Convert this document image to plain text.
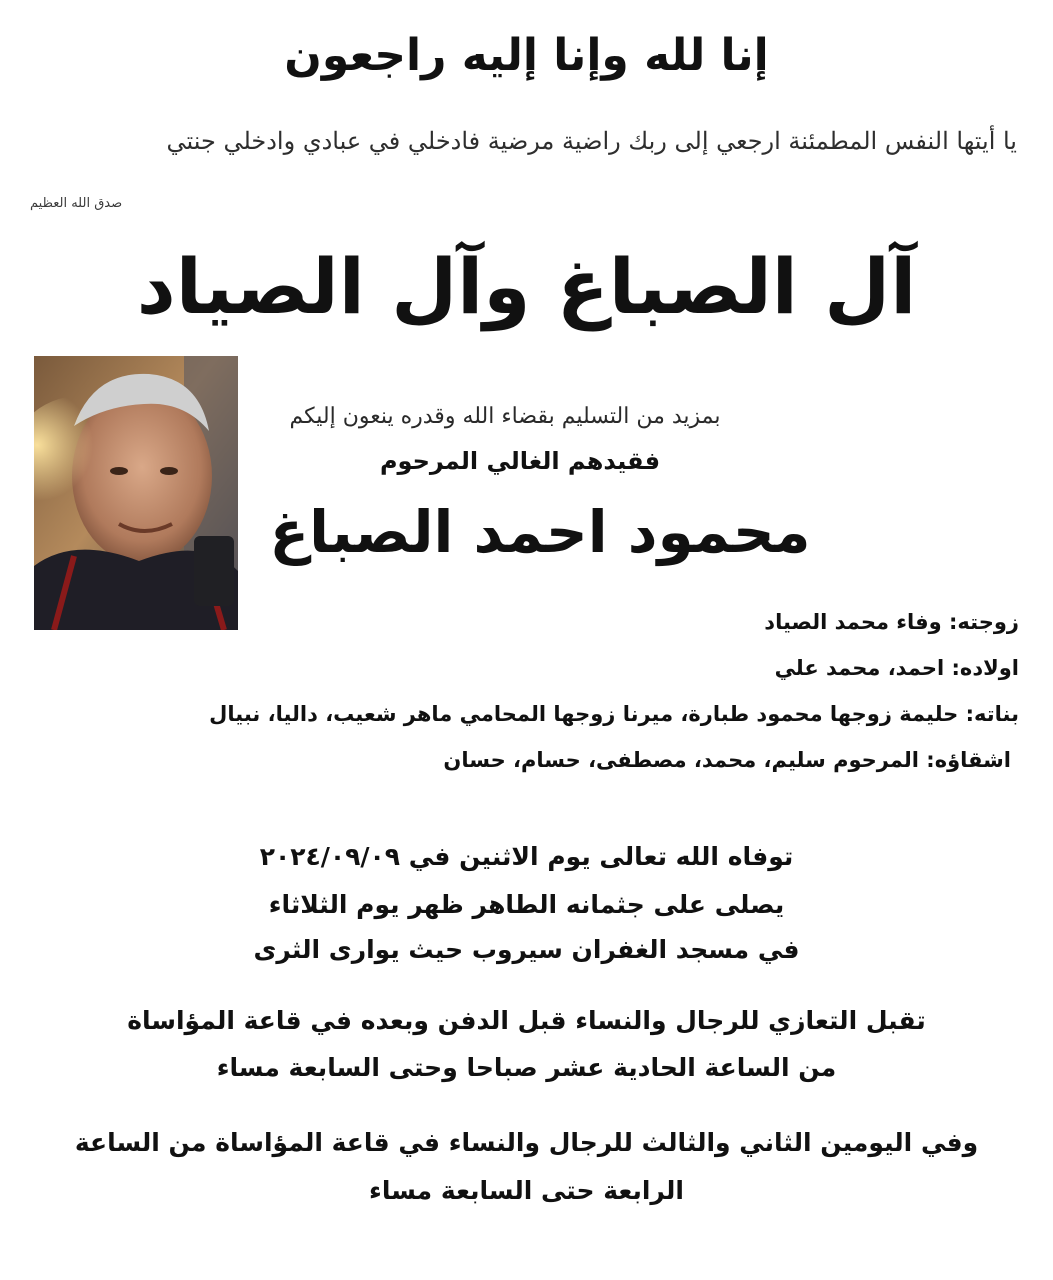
إنا لله وإنا إليه راجعون
يا أيتها النفس المطمئنة ارجعي إلى ربك راضية مرضية فادخلي في عبادي وادخلي جنتي
صدق الله العظيم
آل الصباغ وآل الصياد
بمزيد من التسليم بقضاء الله وقدره ينعون إليكم
فقيدهم الغالي المرحوم
محمود احمد الصباغ
زوجته: وفاء محمد الصياد
اولاده: احمد، محمد علي
بناته: حليمة زوجها محمود طبارة، ميرنا زوجها المحامي ماهر شعيب، داليا، نبيال
اشقاؤه: المرحوم سليم، محمد، مصطفى، حسام، حسان
توفاه الله تعالى يوم الاثنين في ٢٠٢٤/٠٩/٠٩
يصلى على جثمانه الطاهر ظهر يوم الثلاثاء
في مسجد الغفران سيروب حيث يوارى الثرى
تقبل التعازي للرجال والنساء قبل الدفن وبعده في قاعة المؤاساة
من الساعة الحادية عشر صباحا وحتى السابعة مساء
وفي اليومين الثاني والثالث للرجال والنساء في قاعة المؤاساة من الساعة
الرابعة حتى السابعة مساء
